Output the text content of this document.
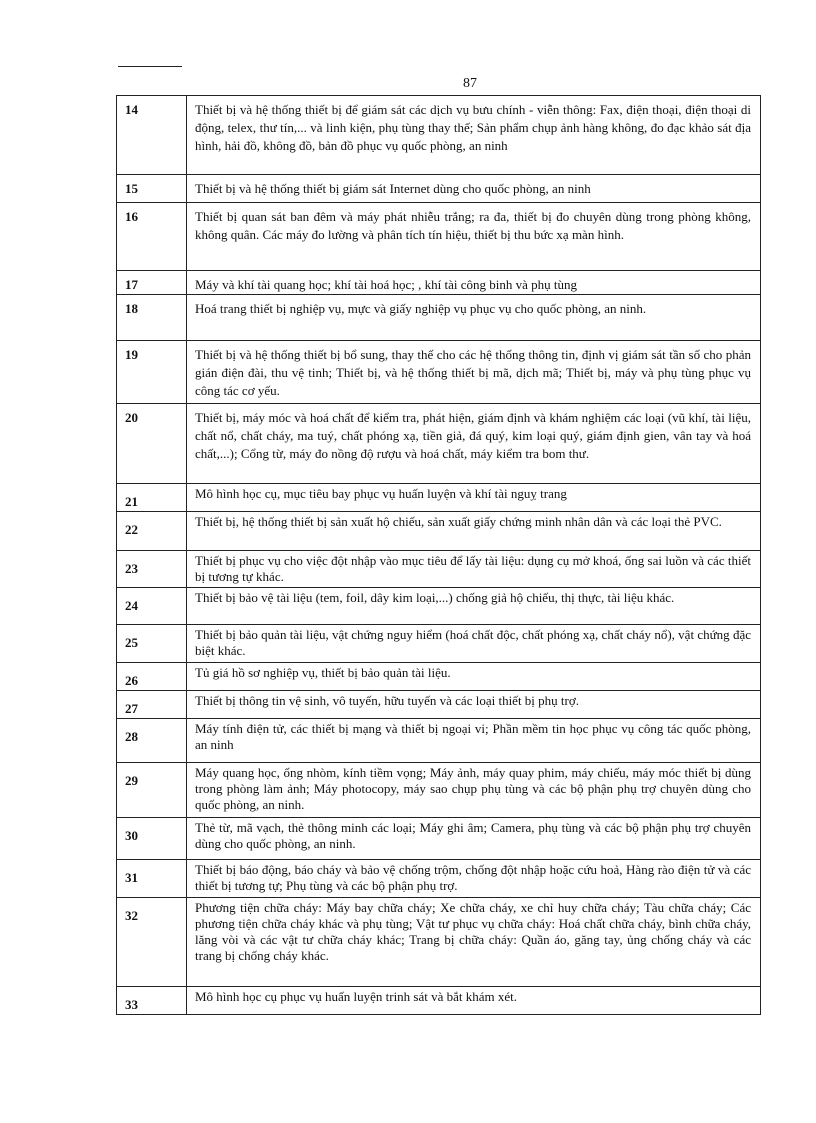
87
14	Thiết bị và hệ thống thiết bị để giám sát các dịch vụ bưu chính - viễn thông: Fax, điện thoại, điện thoại di động, telex, thư tín,... và linh kiện, phụ tùng thay thế; Sản phẩm chụp ảnh hàng không, đo đạc khảo sát địa hình, hải đồ, không đồ, bản đồ phục vụ quốc phòng, an ninh
15	Thiết bị và hệ thống thiết bị giám sát Internet dùng cho quốc phòng, an ninh
16	Thiết bị quan sát ban đêm và máy phát nhiễu trắng; ra đa, thiết bị đo chuyên dùng trong phòng không, không quân. Các máy đo lường và phân tích tín hiệu, thiết bị thu bức xạ màn hình.
17	Máy và khí tài quang học; khí tài hoá học; , khí tài công binh và phụ tùng
18	Hoá trang thiết bị nghiệp vụ, mực và giấy nghiệp vụ phục vụ cho quốc phòng, an ninh.
19	Thiết bị và hệ thống thiết bị bổ sung, thay thế cho các hệ thống thông tin, định vị giám sát tần số cho phản gián điện đài, thu vệ tinh; Thiết bị, và hệ thống thiết bị mã, dịch mã; Thiết bị, máy và phụ tùng phục vụ công tác cơ yếu.
20	Thiết bị, máy móc và hoá chất để kiểm tra, phát hiện, giám định và khám nghiệm các loại (vũ khí, tài liệu, chất nổ, chất cháy, ma tuý, chất phóng xạ, tiền giả, đá quý, kim loại quý, giám định gien, vân tay và hoá chất,...); Cổng từ, máy đo nồng độ rượu và hoá chất, máy kiểm tra bom thư.
21	Mô hình học cụ, mục tiêu bay phục vụ huấn luyện và khí tài nguỵ trang
22	Thiết bị, hệ thống thiết bị sản xuất hộ chiếu, sản xuất giấy chứng minh nhân dân và các loại thẻ PVC.
23	Thiết bị phục vụ cho việc đột nhập vào mục tiêu để lấy tài liệu: dụng cụ mở khoá, ống sai luồn và các thiết bị tương tự khác.
24	Thiết bị bảo vệ tài liệu (tem, foil, dây kim loại,...) chống giả hộ chiếu, thị thực, tài liệu khác.
25	Thiết bị bảo quản tài liệu, vật chứng nguy hiểm (hoá chất độc, chất phóng xạ, chất cháy nổ), vật chứng đặc biệt khác.
26	Tủ giá hồ sơ nghiệp vụ, thiết bị bảo quản tài liệu.
27	Thiết bị thông tin vệ sinh, vô tuyến, hữu tuyến và các loại thiết bị phụ trợ.
28	Máy tính điện tử, các thiết bị mạng và thiết bị ngoại vi; Phần mềm tin học phục vụ công tác quốc phòng, an ninh
29	Máy quang học, ống nhòm, kính tiềm vọng; Máy ảnh, máy quay phim, máy chiếu, máy móc thiết bị dùng trong phòng làm ảnh; Máy photocopy, máy sao chụp phụ tùng và các bộ phận phụ trợ chuyên dùng cho quốc phòng, an ninh.
30	Thẻ từ, mã vạch, thẻ thông minh các loại; Máy ghi âm; Camera, phụ tùng và các bộ phận phụ trợ chuyên dùng cho quốc phòng, an ninh.
31	Thiết bị báo động, báo cháy và bảo vệ chống trộm, chống đột nhập hoặc cứu hoả, Hàng rào điện tử và các thiết bị tương tự; Phụ tùng và các bộ phận phụ trợ.
32	Phương tiện chữa cháy: Máy bay chữa cháy; Xe chữa cháy, xe chỉ huy chữa cháy; Tàu chữa cháy; Các phương tiện chữa cháy khác và phụ tùng; Vật tư phục vụ chữa cháy: Hoá chất chữa cháy, bình chữa cháy, lăng vòi và các vật tư chữa cháy khác; Trang bị chữa cháy: Quần áo, găng tay, ủng chống cháy và các trang bị chống cháy khác.
33	Mô hình học cụ phục vụ huấn luyện trinh sát và bắt khám xét.
